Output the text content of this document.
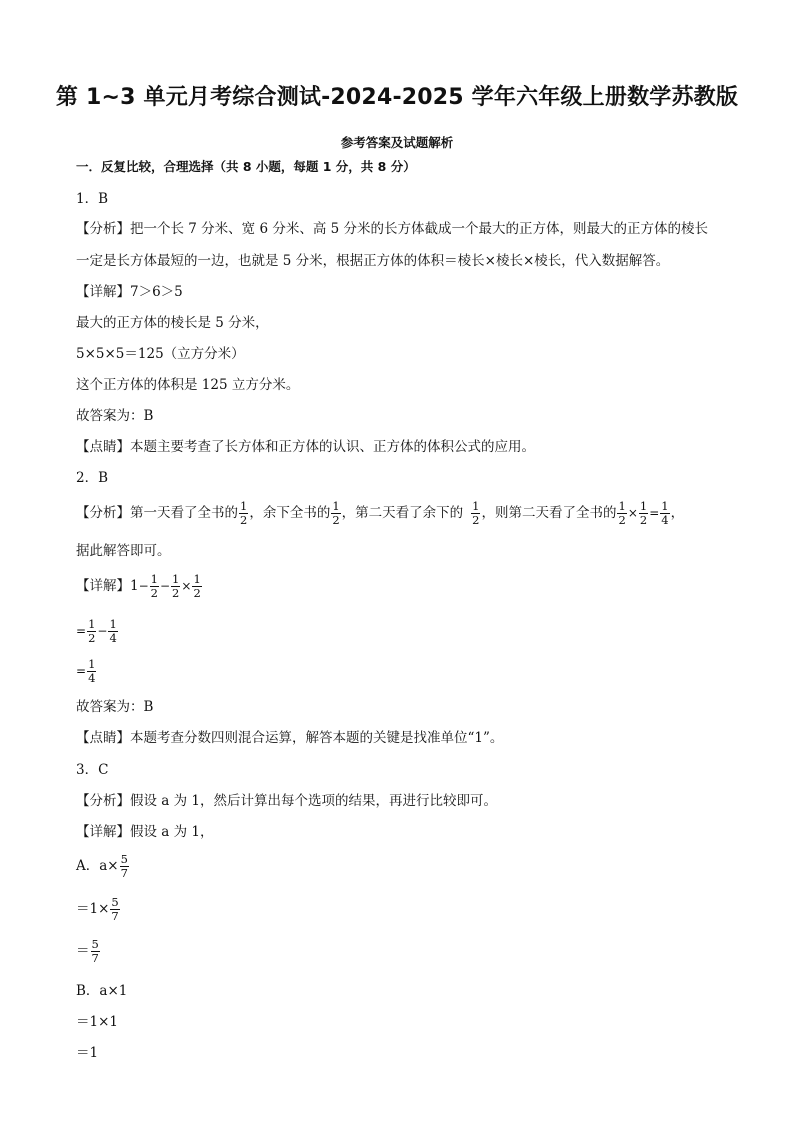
第 1~3 单元月考综合测试-2024-2025 学年六年级上册数学苏教版
参考答案及试题解析
一．反复比较，合理选择（共 8 小题，每题 1 分，共 8 分）
1．B
【分析】把一个长 7 分米、宽 6 分米、高 5 分米的长方体截成一个最大的正方体，则最大的正方体的棱长
一定是长方体最短的一边，也就是 5 分米，根据正方体的体积＝棱长×棱长×棱长，代入数据解答。
【详解】7＞6＞5
最大的正方体的棱长是 5 分米，
5×5×5＝125（立方分米）
这个正方体的体积是 125 立方分米。
故答案为：B
【点睛】本题主要考查了长方体和正方体的认识、正方体的体积公式的应用。
2．B
【分析】第一天看了全书的 $\frac{1}{2}$ ，余下全书的 $\frac{1}{2}$ ，第二天看了余下的 $\frac{1}{2}$ ，则第二天看了全书的 $\frac{1}{2} \times \frac{1}{2} = \frac{1}{4}$ ，
据此解答即可。
【详解】$1- \frac{1}{2} - \frac{1}{2} \times \frac{1}{2}$
= $\frac{1}{2} - \frac{1}{4}$
= $\frac{1}{4}$
故答案为：B
【点睛】本题考查分数四则混合运算，解答本题的关键是找准单位“1”。
3．C
【分析】假设 a 为 1，然后计算出每个选项的结果，再进行比较即可。
【详解】假设 a 为 1，
A．$a\times \frac{5}{7}$
$=1\times \frac{5}{7}$
＝ $\frac{5}{7}$
B．a×1
＝1×1
＝1
